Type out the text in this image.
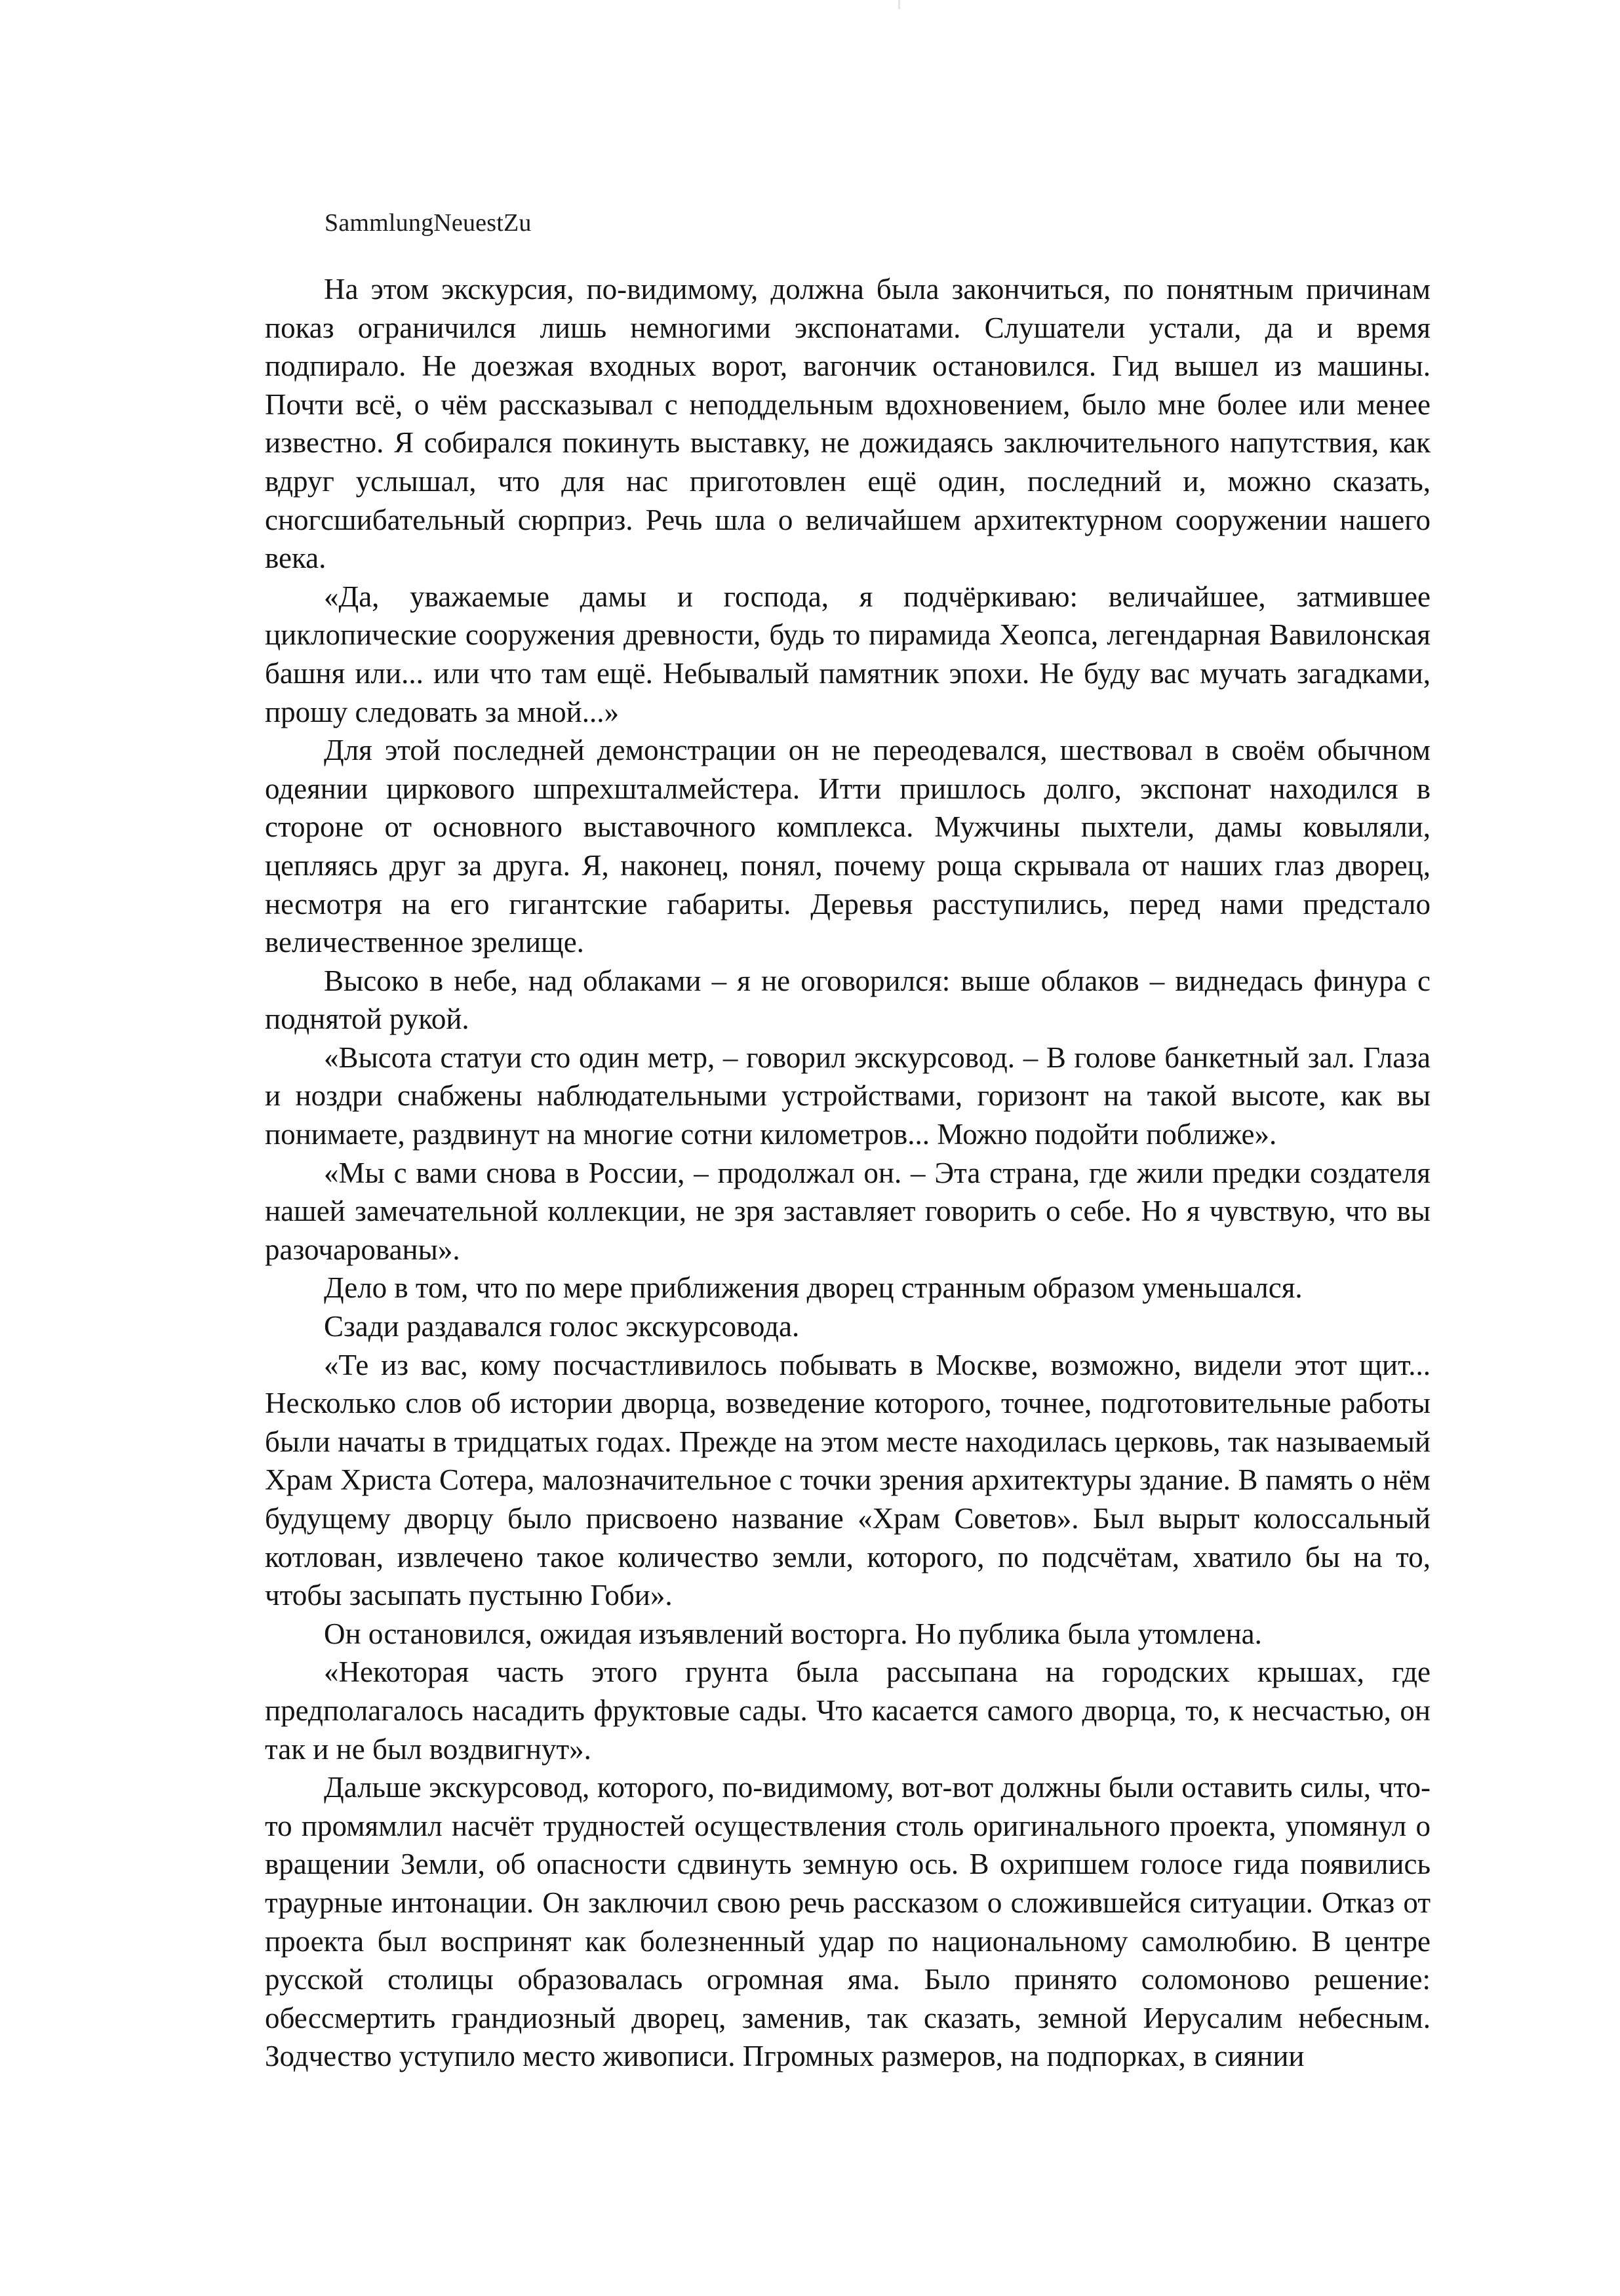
SammlungNeuestZu

На этом экскурсия, по-видимому, должна была закончиться, по понятным причинам показ ограничился лишь немногими экспонатами. Слушатели устали, да и время подпирало. Не доезжая входных ворот, вагончик остановился. Гид вышел из машины. Почти всё, о чём рассказывал с неподдельным вдохновением, было мне более или менее известно. Я собирался покинуть выставку, не дожидаясь заключительного напутствия, как вдруг услышал, что для нас приготовлен ещё один, последний и, можно сказать, сногсшибательный сюрприз. Речь шла о величайшем архитектурном сооружении нашего века.

«Да, уважаемые дамы и господа, я подчёркиваю: величайшее, затмившее циклопические сооружения древности, будь то пирамида Хеопса, легендарная Вавилонская башня или... или что там ещё. Небывалый памятник эпохи. Не буду вас мучать загадками, прошу следовать за мной...»

Для этой последней демонстрации он не переодевался, шествовал в своём обычном одеянии циркового шпрехшталмейстера. Итти пришлось долго, экспонат находился в стороне от основного выставочного комплекса. Мужчины пыхтели, дамы ковыляли, цепляясь друг за друга. Я, наконец, понял, почему роща скрывала от наших глаз дворец, несмотря на его гигантские габариты. Деревья расступились, перед нами предстало величественное зрелище.

Высоко в небе, над облаками – я не оговорился: выше облаков – виднедась финура с поднятой рукой.

«Высота статуи сто один метр, – говорил экскурсовод. – В голове банкетный зал. Глаза и ноздри снабжены наблюдательными устройствами, горизонт на такой высоте, как вы понимаете, раздвинут на многие сотни километров... Можно подойти поближе».

«Мы с вами снова в России, – продолжал он. – Эта страна, где жили предки создателя нашей замечательной коллекции, не зря заставляет говорить о себе. Но я чувствую, что вы разочарованы».

Дело в том, что по мере приближения дворец странным образом уменьшался.

Сзади раздавался голос экскурсовода.

«Те из вас, кому посчастливилось побывать в Москве, возможно, видели этот щит... Несколько слов об истории дворца, возведение которого, точнее, подготовительные работы были начаты в тридцатых годах. Прежде на этом месте находилась церковь, так называемый Храм Христа Сотера, малозначительное с точки зрения архитектуры здание. В память о нём будущему дворцу было присвоено название «Храм Советов». Был вырыт колоссальный котлован, извлечено такое количество земли, которого, по подсчётам, хватило бы на то, чтобы засыпать пустыню Гоби».

Он остановился, ожидая изъявлений восторга. Но публика была утомлена.

«Некоторая часть этого грунта была рассыпана на городских крышах, где предполагалось насадить фруктовые сады. Что касается самого дворца, то, к несчастью, он так и не был воздвигнут».

Дальше экскурсовод, которого, по-видимому, вот-вот должны были оставить силы, что-то промямлил насчёт трудностей осуществления столь оригинального проекта, упомянул о вращении Земли, об опасности сдвинуть земную ось. В охрипшем голосе гида появились траурные интонации. Он заключил свою речь рассказом о сложившейся ситуации. Отказ от проекта был воспринят как болезненный удар по национальному самолюбию. В центре русской столицы образовалась огромная яма. Было принято соломоново решение: обессмертить грандиозный дворец, заменив, так сказать, земной Иерусалим небесным. Зодчество уступило место живописи. Пгромных размеров, на подпорках, в сиянии
